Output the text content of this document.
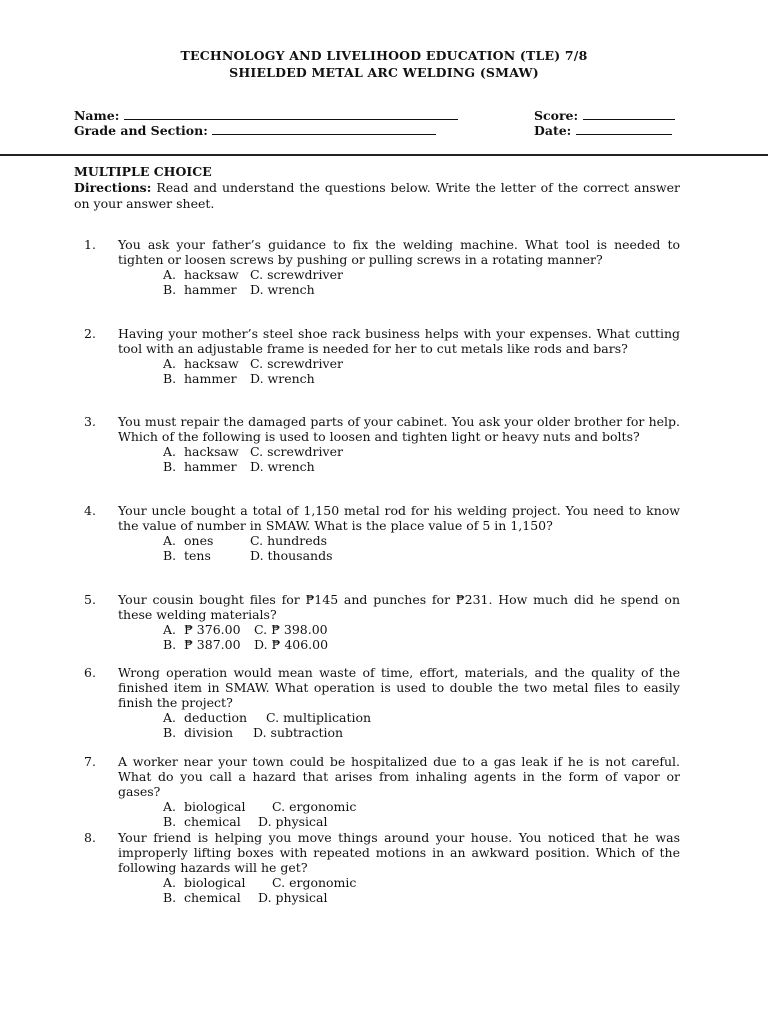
TECHNOLOGY AND LIVELIHOOD EDUCATION (TLE) 7/8
SHIELDED METAL ARC WELDING (SMAW)
Name:	Score:
Grade and Section:	Date:
MULTIPLE CHOICE
Directions: Read and understand the questions below. Write the letter of the correct answer on your answer sheet.
1.	You ask your father’s guidance to fix the welding machine. What tool is needed to tighten or loosen screws by pushing or pulling screws in a rotating manner?
A. hacksaw C. screwdriver
B. hammer D. wrench
2.	Having your mother’s steel shoe rack business helps with your expenses. What cutting tool with an adjustable frame is needed for her to cut metals like rods and bars?
A. hacksaw C. screwdriver
B. hammer D. wrench
3.	You must repair the damaged parts of your cabinet. You ask your older brother for help. Which of the following is used to loosen and tighten light or heavy nuts and bolts?
A. hacksaw C. screwdriver
B. hammer D. wrench
4.	Your uncle bought a total of 1,150 metal rod for his welding project. You need to know the value of number in SMAW. What is the place value of 5 in 1,150?
A. ones	C. hundreds
B. tens	D. thousands
5.	Your cousin bought files for ₱145 and punches for ₱231. How much did he spend on these welding materials?
A. ₱ 376.00 C. ₱ 398.00
B. ₱ 387.00 D. ₱ 406.00
6.	Wrong operation would mean waste of time, effort, materials, and the quality of the finished item in SMAW. What operation is used to double the two metal files to easily finish the project?
A. deduction C. multiplication
B. division D. subtraction
7.	A worker near your town could be hospitalized due to a gas leak if he is not careful. What do you call a hazard that arises from inhaling agents in the form of vapor or gases?
A. biological C. ergonomic
B. chemical D. physical
8.	Your friend is helping you move things around your house. You noticed that he was improperly lifting boxes with repeated motions in an awkward position. Which of the following hazards will he get?
A. biological C. ergonomic
B. chemical D. physical
